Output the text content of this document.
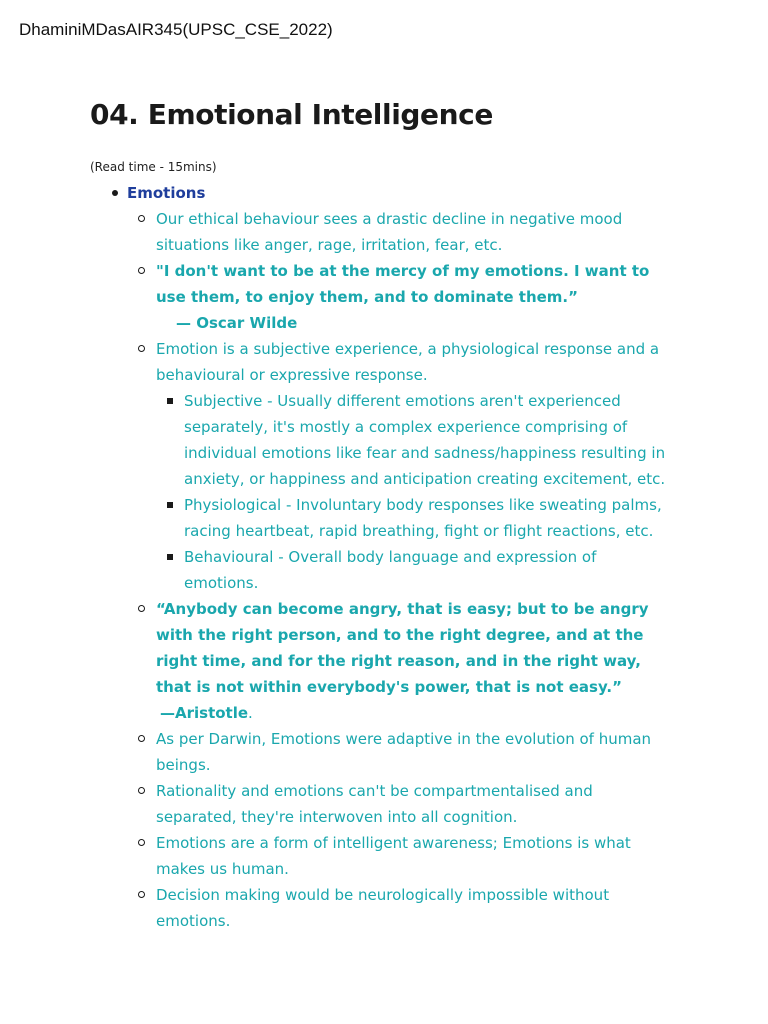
DhaminiMDasAIR345(UPSC_CSE_2022)
04. Emotional Intelligence
(Read time - 15mins)
Emotions
Our ethical behaviour sees a drastic decline in negative mood situations like anger, rage, irritation, fear, etc.
"I don't want to be at the mercy of my emotions. I want to use them, to enjoy them, and to dominate them.”
— Oscar Wilde
Emotion is a subjective experience, a physiological response and a behavioural or expressive response.
Subjective - Usually different emotions aren't experienced separately, it's mostly a complex experience comprising of individual emotions like fear and sadness/happiness resulting in anxiety, or happiness and anticipation creating excitement, etc.
Physiological - Involuntary body responses like sweating palms, racing heartbeat, rapid breathing, fight or flight reactions, etc.
Behavioural - Overall body language and expression of emotions.
“Anybody can become angry, that is easy; but to be angry with the right person, and to the right degree, and at the right time, and for the right reason, and in the right way, that is not within everybody's power, that is not easy.”
—Aristotle.
As per Darwin, Emotions were adaptive in the evolution of human beings.
Rationality and emotions can't be compartmentalised and separated, they're interwoven into all cognition.
Emotions are a form of intelligent awareness; Emotions is what makes us human.
Decision making would be neurologically impossible without emotions.
